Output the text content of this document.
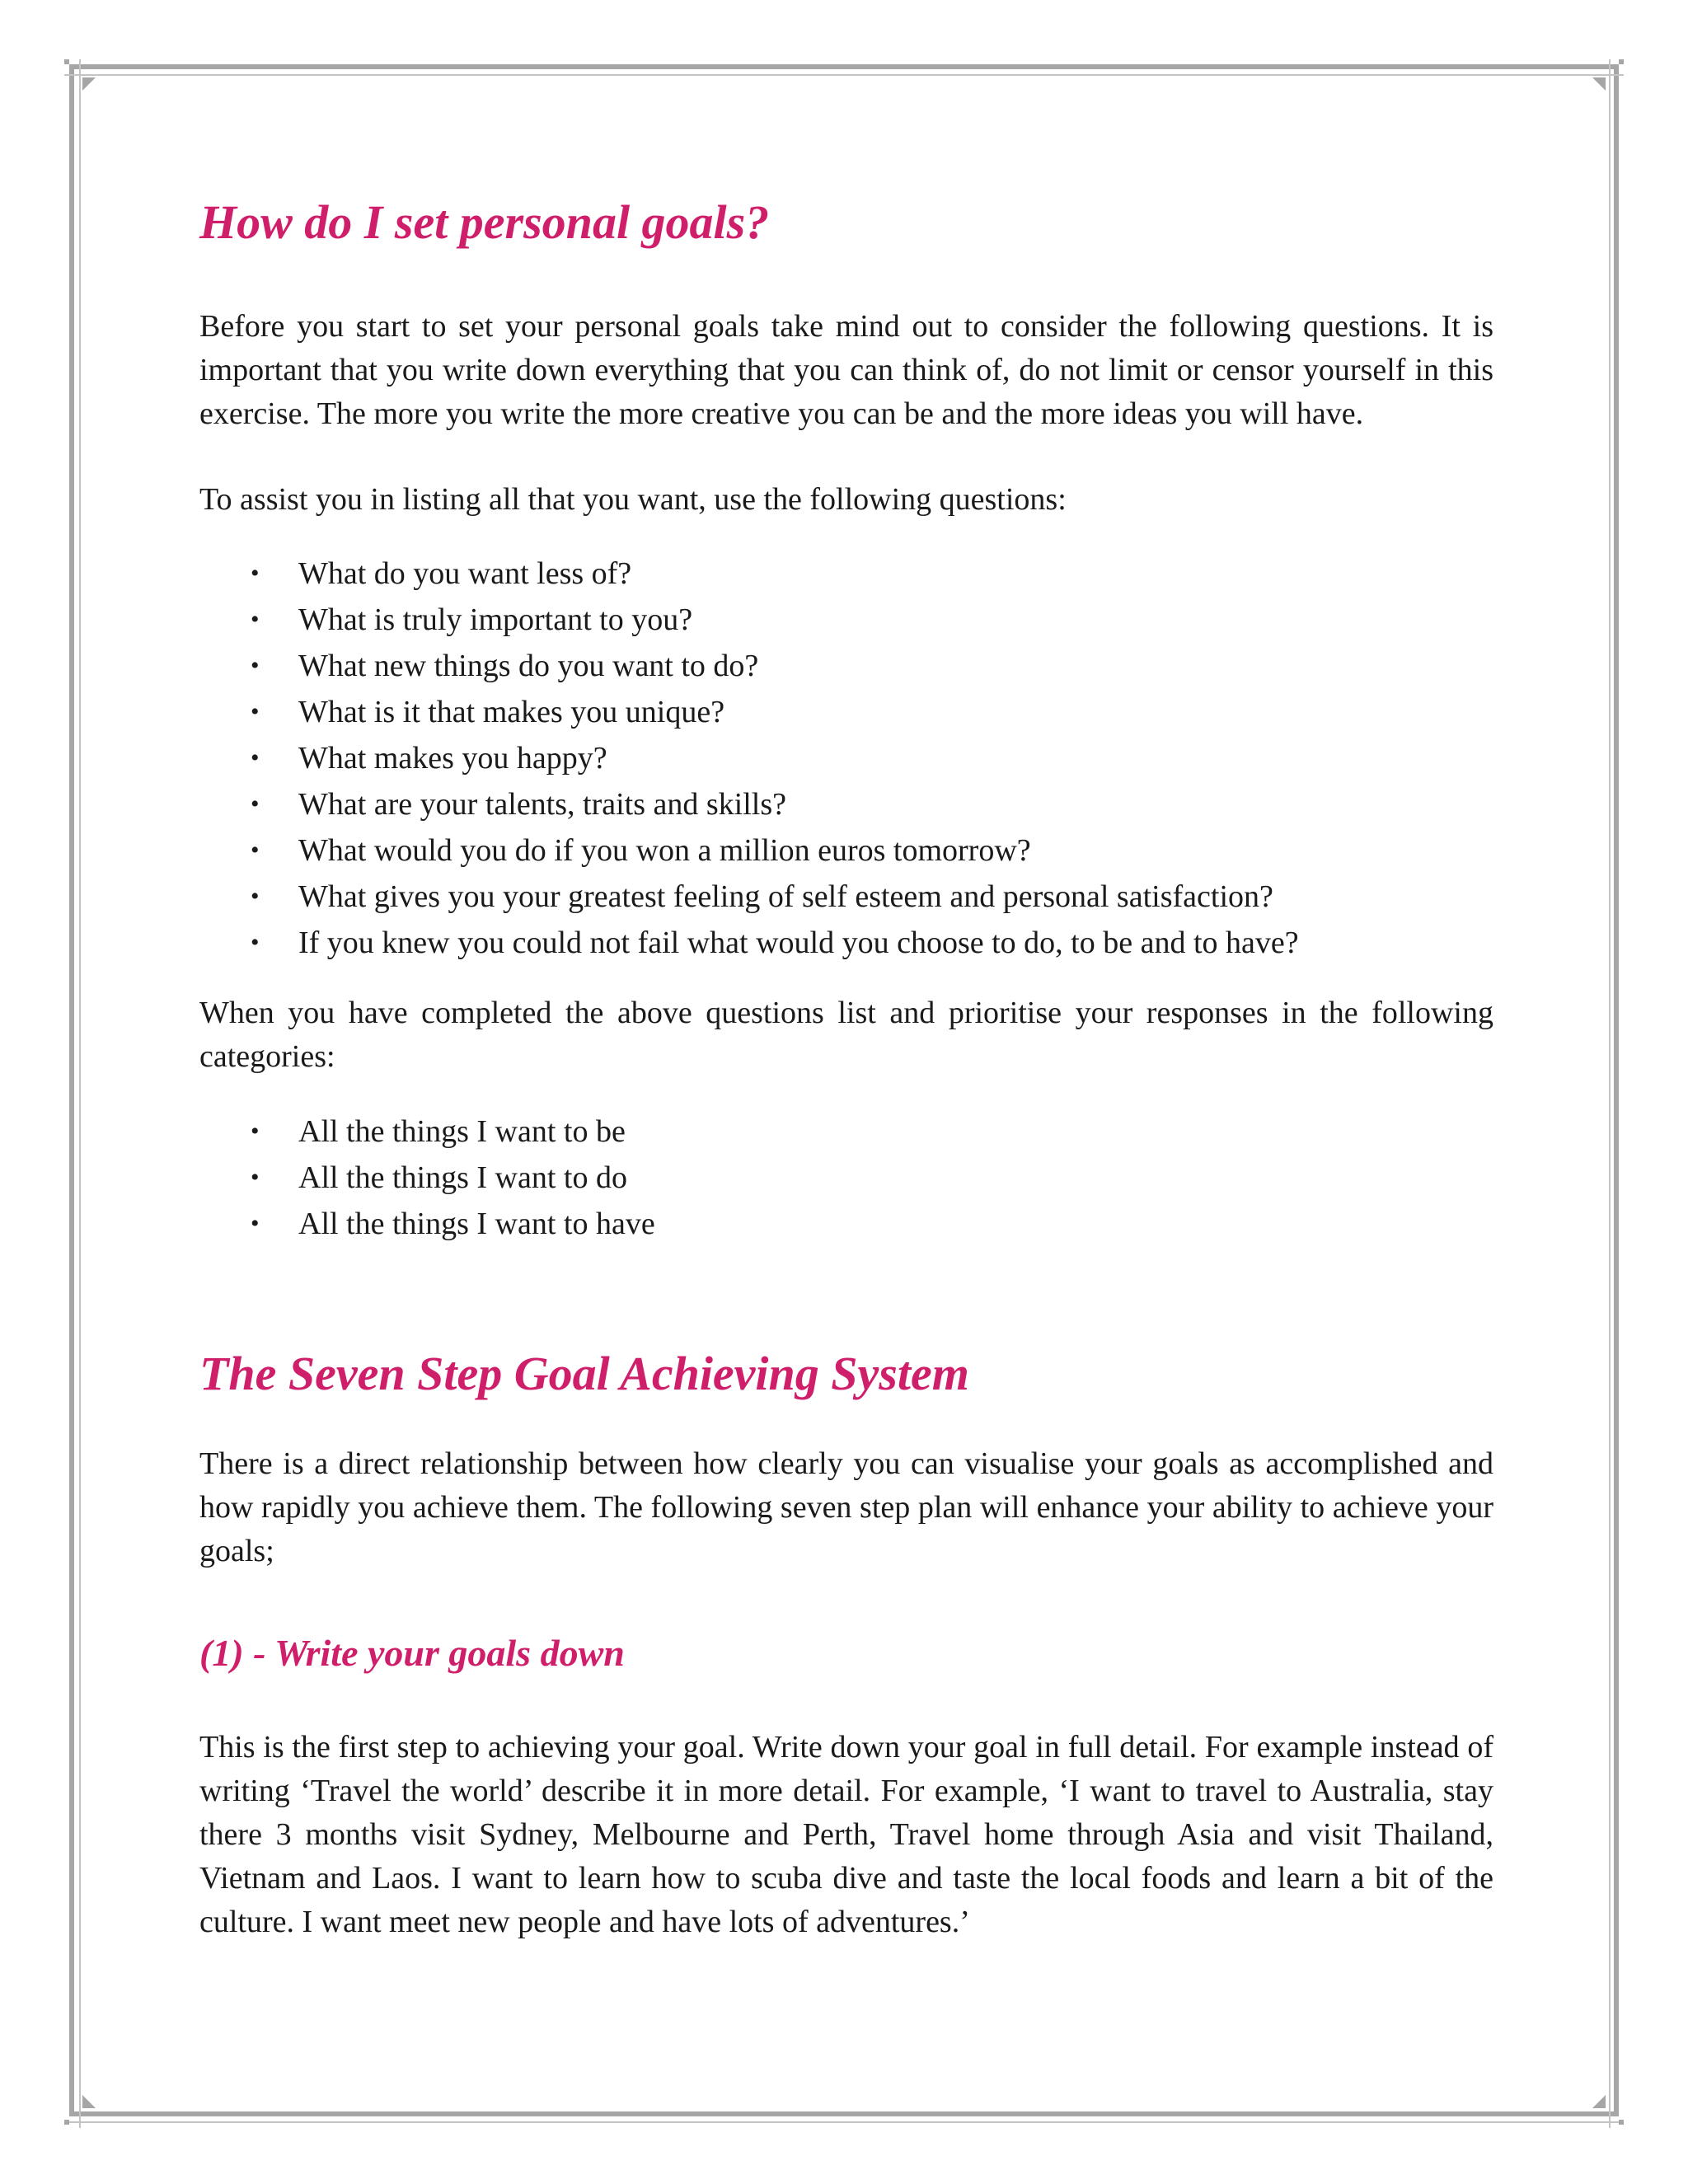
How do I set personal goals?

Before you start to set your personal goals take mind out to consider the following questions. It is important that you write down everything that you can think of, do not limit or censor yourself in this exercise. The more you write the more creative you can be and the more ideas you will have.

To assist you in listing all that you want, use the following questions:

• What do you want less of?
• What is truly important to you?
• What new things do you want to do?
• What is it that makes you unique?
• What makes you happy?
• What are your talents, traits and skills?
• What would you do if you won a million euros tomorrow?
• What gives you your greatest feeling of self esteem and personal satisfaction?
• If you knew you could not fail what would you choose to do, to be and to have?

When you have completed the above questions list and prioritise your responses in the following categories:

• All the things I want to be
• All the things I want to do
• All the things I want to have
The Seven Step Goal Achieving System

There is a direct relationship between how clearly you can visualise your goals as accomplished and how rapidly you achieve them. The following seven step plan will enhance your ability to achieve your goals;

(1) - Write your goals down

This is the first step to achieving your goal. Write down your goal in full detail. For example instead of writing ‘Travel the world’ describe it in more detail. For example, ‘I want to travel to Australia, stay there 3 months visit Sydney, Melbourne and Perth, Travel home through Asia and visit Thailand, Vietnam and Laos. I want to learn how to scuba dive and taste the local foods and learn a bit of the culture. I want meet new people and have lots of adventures.’
